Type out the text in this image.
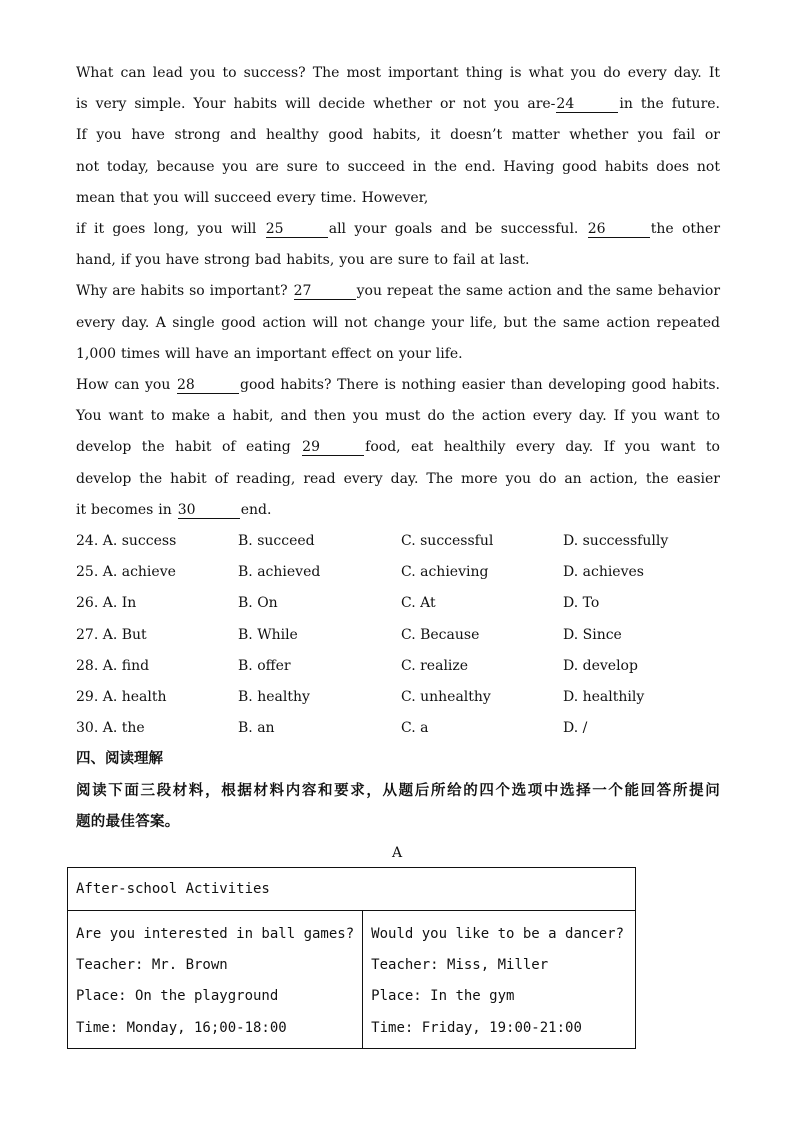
What can lead you to success? The most important thing is what you do every day. It

is very simple. Your habits will decide whether or not you are-24	in the future.

If you have strong and healthy good habits, it doesn’t matter whether you fail or

not today, because you are sure to succeed in the end. Having good habits does not

mean that you will succeed every time. However,

if it goes long, you will 25	all your goals and be successful. 26	the other

hand, if you have strong bad habits, you are sure to fail at last.

Why are habits so important? 27	you repeat the same action and the same behavior

every day. A single good action will not change your life, but the same action repeated

1,000 times will have an important effect on your life.

How can you 28	good habits? There is nothing easier than developing good habits.

You want to make a habit, and then you must do the action every day. If you want to

develop the habit of eating 29	food, eat healthily every day. If you want to

develop the habit of reading, read every day. The more you do an action, the easier

it becomes in 30	end.

24. A. success	B. succeed	C. successful	D. successfully
25. A. achieve	B. achieved	C. achieving	D. achieves
26. A. In	B. On	C. At	D. To
27. A. But	B. While	C. Because	D. Since
28. A. find	B. offer	C. realize	D. develop
29. A. health	B. healthy	C. unhealthy	D. healthily
30. A. the	B. an	C. a	D. /

四、阅读理解

阅读下面三段材料，根据材料内容和要求，从题后所给的四个选项中选择一个能回答所提问

题的最佳答案。

A
After-school Activities

Are you interested in ball games?
Teacher: Mr. Brown
Place: On the playground
Time: Monday, 16;00-18:00

Would you like to be a dancer?
Teacher: Miss, Miller
Place: In the gym
Time: Friday, 19:00-21:00
